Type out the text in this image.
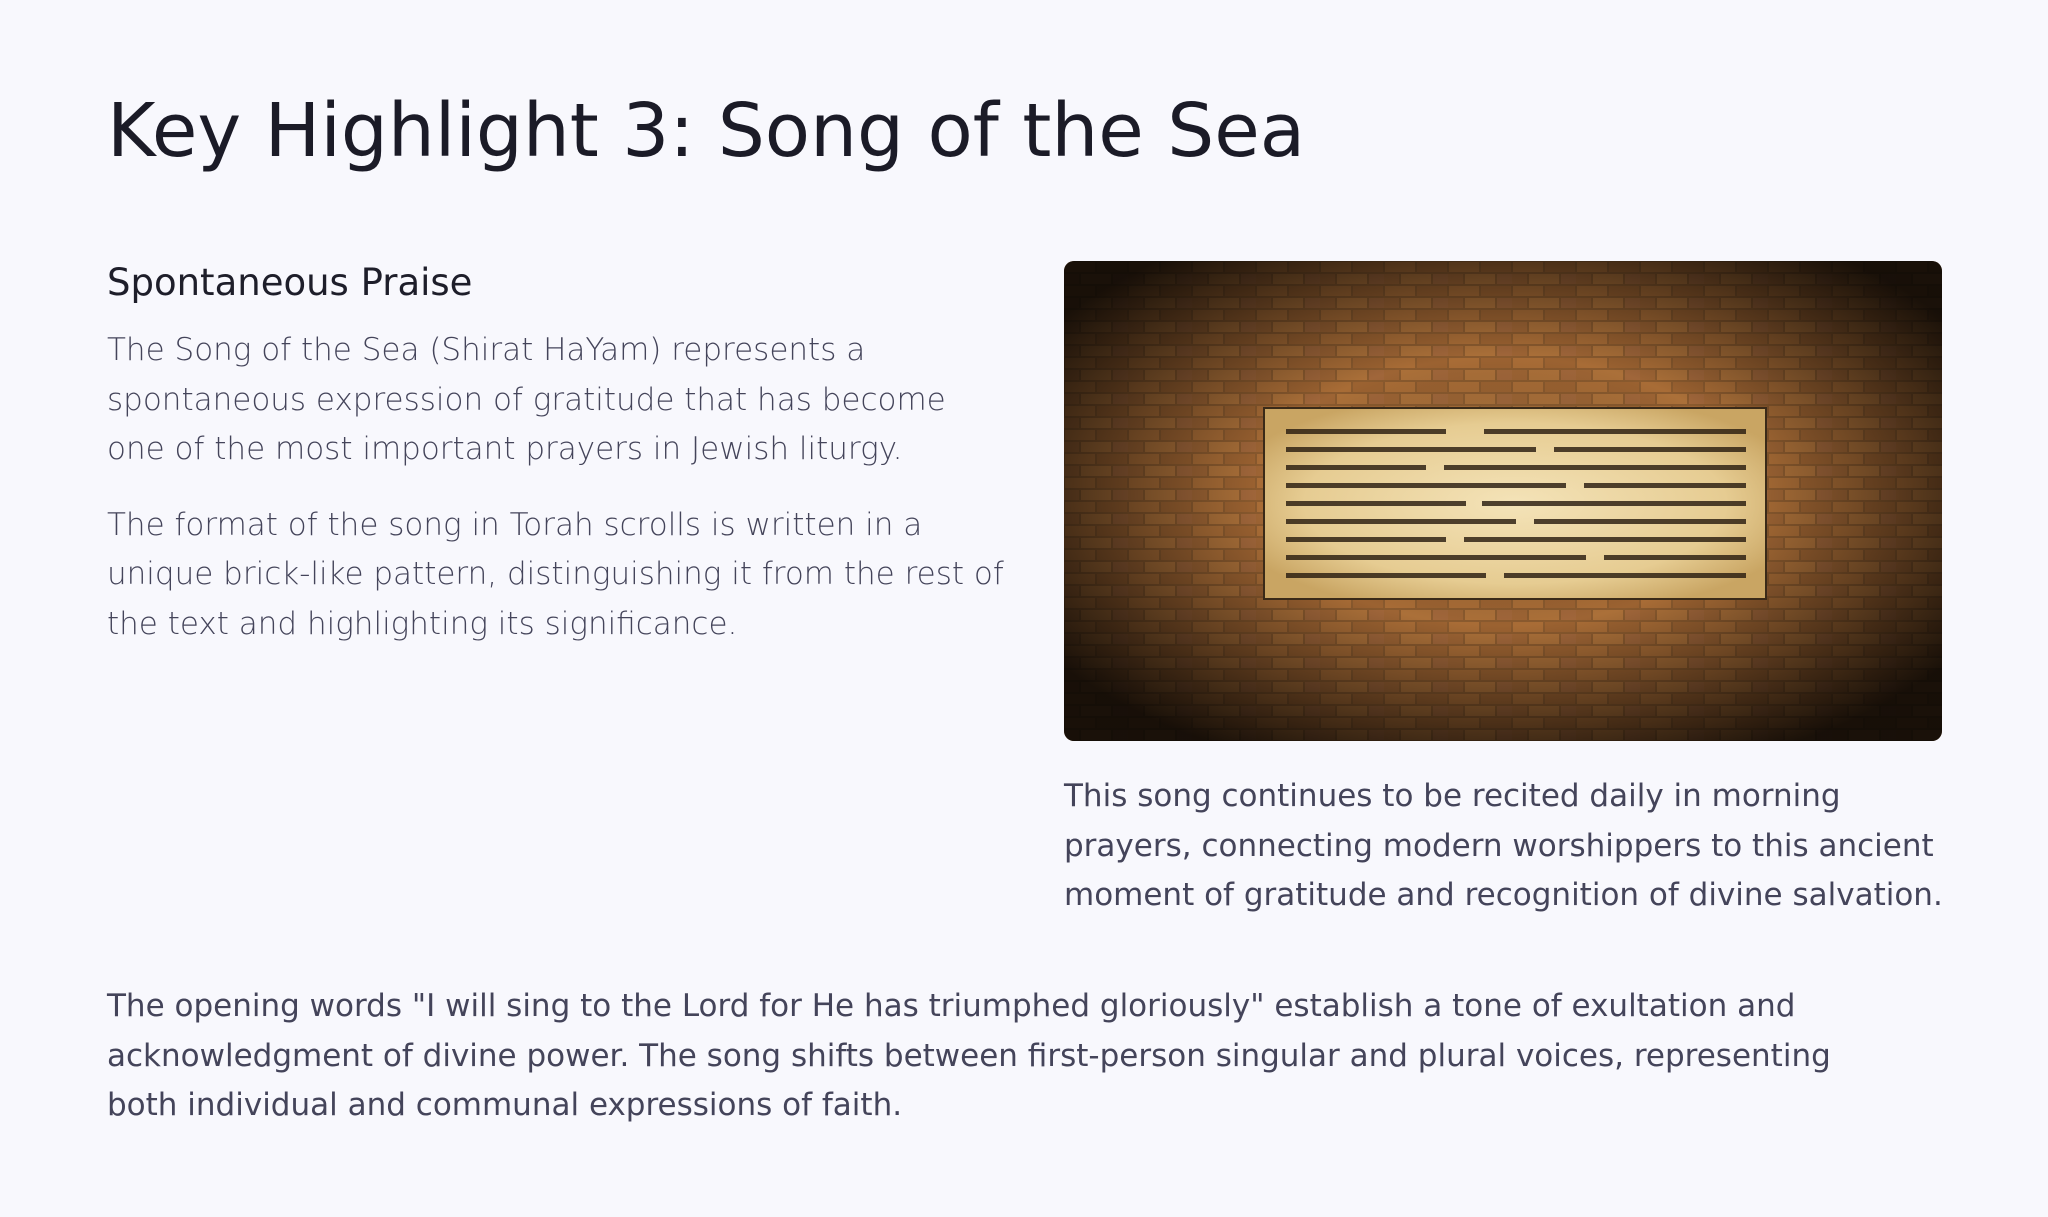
Key Highlight 3: Song of the Sea
Spontaneous Praise

The Song of the Sea (Shirat HaYam) represents a spontaneous expression of gratitude that has become one of the most important prayers in Jewish liturgy.

The format of the song in Torah scrolls is written in a unique brick-like pattern, distinguishing it from the rest of the text and highlighting its significance.

This song continues to be recited daily in morning prayers, connecting modern worshippers to this ancient moment of gratitude and recognition of divine salvation.

The opening words "I will sing to the Lord for He has triumphed gloriously" establish a tone of exultation and acknowledgment of divine power. The song shifts between first-person singular and plural voices, representing both individual and communal expressions of faith.
